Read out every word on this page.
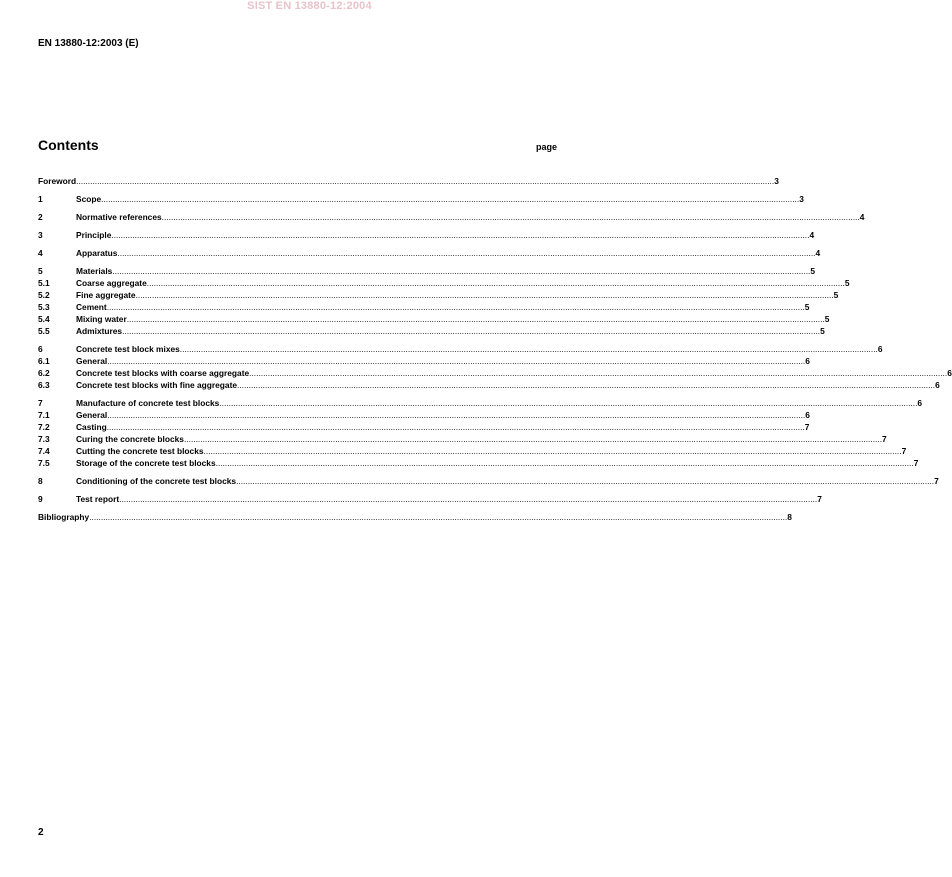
SIST EN 13880-12:2004
EN 13880-12:2003 (E)
Contents	page
Foreword ............................................................................................................................................................................................................................................................................................................ 3
1	Scope ............................................................................................................................................................................................................................................................................................................ 3
2	Normative references ............................................................................................................................................................................................................................................................................................................ 4
3	Principle ............................................................................................................................................................................................................................................................................................................ 4
4	Apparatus ............................................................................................................................................................................................................................................................................................................ 4
5	Materials ............................................................................................................................................................................................................................................................................................................ 5
5.1	Coarse aggregate ............................................................................................................................................................................................................................................................................................................ 5
5.2	Fine aggregate ............................................................................................................................................................................................................................................................................................................ 5
5.3	Cement ............................................................................................................................................................................................................................................................................................................ 5
5.4	Mixing water ............................................................................................................................................................................................................................................................................................................ 5
5.5	Admixtures ............................................................................................................................................................................................................................................................................................................ 5
6	Concrete test block mixes ............................................................................................................................................................................................................................................................................................................ 6
6.1	General ............................................................................................................................................................................................................................................................................................................ 6
6.2	Concrete test blocks with coarse aggregate ............................................................................................................................................................................................................................................................................................................ 6
6.3	Concrete test blocks with fine aggregate ............................................................................................................................................................................................................................................................................................................ 6
7	Manufacture of concrete test blocks ............................................................................................................................................................................................................................................................................................................ 6
7.1	General ............................................................................................................................................................................................................................................................................................................ 6
7.2	Casting ............................................................................................................................................................................................................................................................................................................ 7
7.3	Curing the concrete blocks ............................................................................................................................................................................................................................................................................................................ 7
7.4	Cutting the concrete test blocks ............................................................................................................................................................................................................................................................................................................ 7
7.5	Storage of the concrete test blocks ............................................................................................................................................................................................................................................................................................................ 7
8	Conditioning of the concrete test blocks ............................................................................................................................................................................................................................................................................................................ 7
9	Test report ............................................................................................................................................................................................................................................................................................................ 7
Bibliography ............................................................................................................................................................................................................................................................................................................ 8
2
